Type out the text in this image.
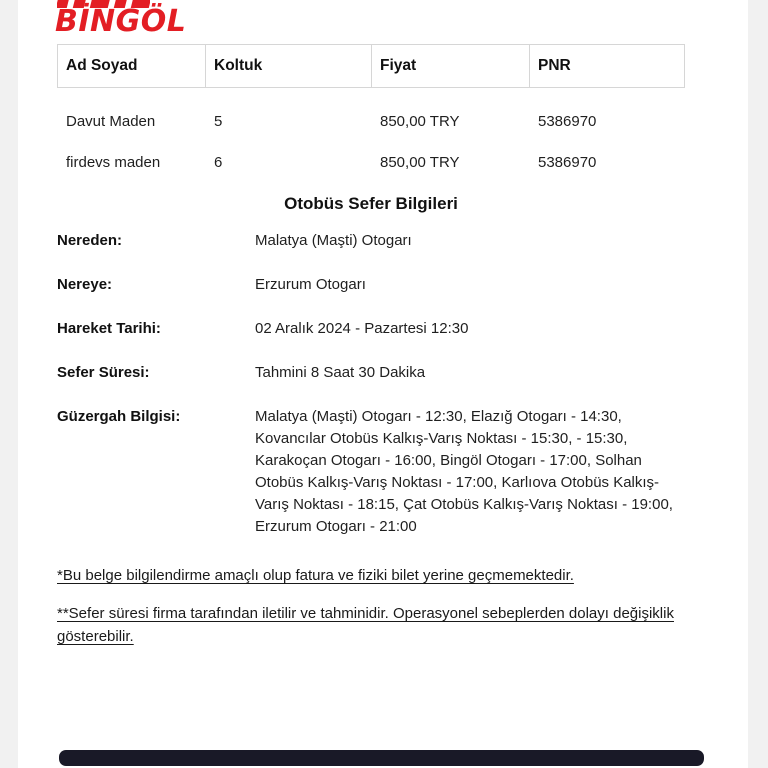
BİNGÖL
Ad Soyad	Koltuk	Fiyat	PNR
Davut Maden	5	850,00 TRY	5386970
firdevs maden	6	850,00 TRY	5386970
Otobüs Sefer Bilgileri
Nereden:	Malatya (Maşti) Otogarı
Nereye:	Erzurum Otogarı
Hareket Tarihi:	02 Aralık 2024 - Pazartesi 12:30
Sefer Süresi:	Tahmini 8 Saat 30 Dakika
Güzergah Bilgisi:	Malatya (Maşti) Otogarı - 12:30, Elazığ Otogarı - 14:30, Kovancılar Otobüs Kalkış-Varış Noktası - 15:30, - 15:30, Karakoçan Otogarı - 16:00, Bingöl Otogarı - 17:00, Solhan Otobüs Kalkış-Varış Noktası - 17:00, Karlıova Otobüs Kalkış-Varış Noktası - 18:15, Çat Otobüs Kalkış-Varış Noktası - 19:00, Erzurum Otogarı - 21:00
*Bu belge bilgilendirme amaçlı olup fatura ve fiziki bilet yerine geçmemektedir.
**Sefer süresi firma tarafından iletilir ve tahminidir. Operasyonel sebeplerden dolayı değişiklik gösterebilir.
